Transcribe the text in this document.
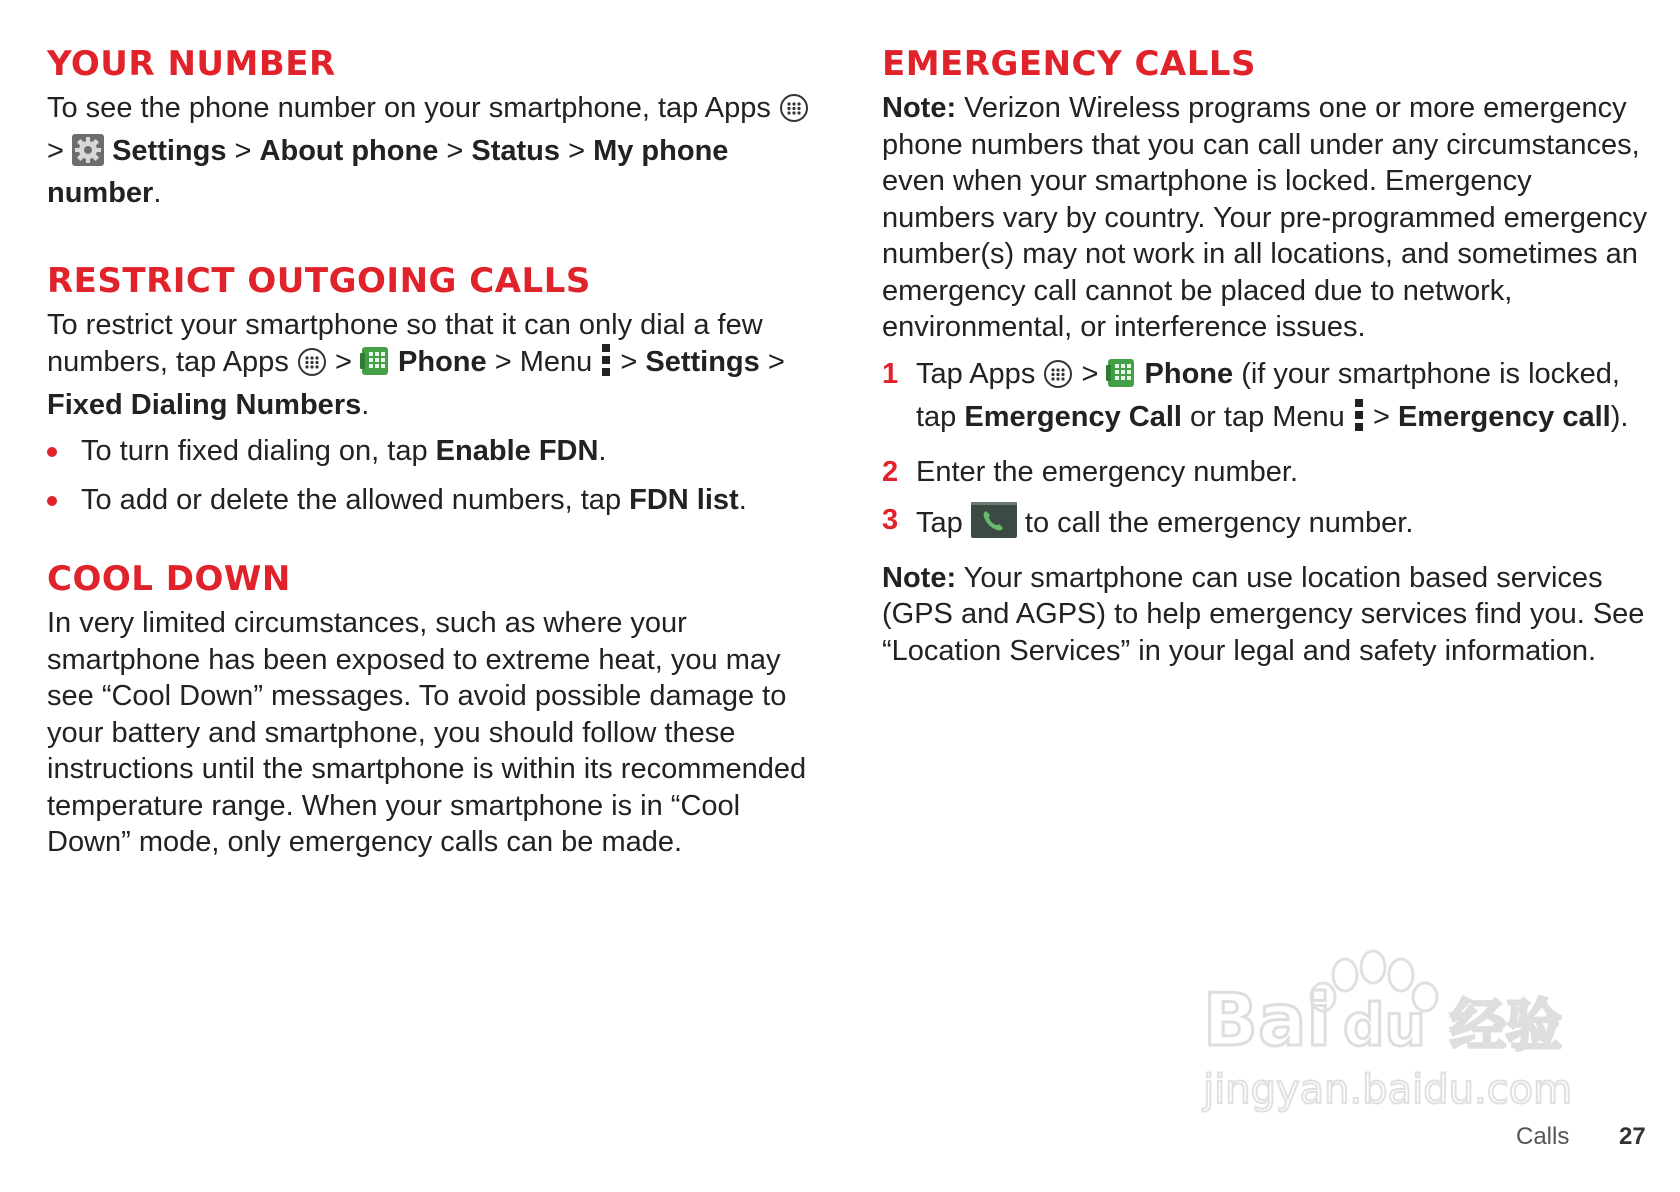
YOUR NUMBER

To see the phone number on your smartphone, tap Apps  > Settings > About phone > Status > My phone number.

RESTRICT OUTGOING CALLS

To restrict your smartphone so that it can only dial a few numbers, tap Apps > Phone > Menu > Settings > Fixed Dialing Numbers.

To turn fixed dialing on, tap Enable FDN.
To add or delete the allowed numbers, tap FDN list.
COOL DOWN

In very limited circumstances, such as where your smartphone has been exposed to extreme heat, you may see “Cool Down” messages. To avoid possible damage to your battery and smartphone, you should follow these instructions until the smartphone is within its recommended temperature range. When your smartphone is in “Cool Down” mode, only emergency calls can be made.

EMERGENCY CALLS

Note: Verizon Wireless programs one or more emergency phone numbers that you can call under any circumstances, even when your smartphone is locked. Emergency numbers vary by country. Your pre-programmed emergency number(s) may not work in all locations, and sometimes an emergency call cannot be placed due to network, environmental, or interference issues.

1 Tap Apps > Phone (if your smartphone is locked, tap Emergency Call or tap Menu > Emergency call).
2 Enter the emergency number.
3 Tap to call the emergency number.

Note: Your smartphone can use location based services (GPS and AGPS) to help emergency services find you. See “Location Services” in your legal and safety information.

Bai du 经验
jingyan.baidu.com
Calls 27
